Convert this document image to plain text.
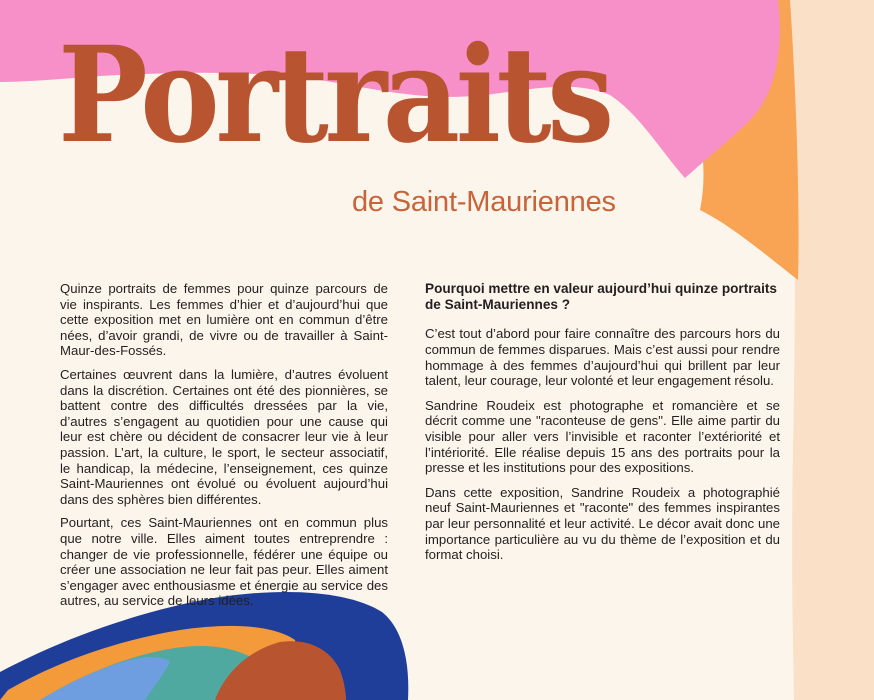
Portraits
de Saint-Mauriennes

Quinze portraits de femmes pour quinze parcours de vie inspirants. Les femmes d’hier et d’aujourd’hui que cette exposition met en lumière ont en commun d’être nées, d’avoir grandi, de vivre ou de travailler à Saint-Maur-des-Fossés.

Certaines œuvrent dans la lumière, d’autres évoluent dans la discrétion. Certaines ont été des pionnières, se battent contre des difficultés dressées par la vie, d’autres s’engagent au quotidien pour une cause qui leur est chère ou décident de consacrer leur vie à leur passion. L’art, la culture, le sport, le secteur associatif, le handicap, la médecine, l’enseignement, ces quinze Saint-Mauriennes ont évolué ou évoluent aujourd’hui dans des sphères bien différentes.

Pourtant, ces Saint-Mauriennes ont en commun plus que notre ville. Elles aiment toutes entreprendre : changer de vie professionnelle, fédérer une équipe ou créer une association ne leur fait pas peur. Elles aiment s’engager avec enthousiasme et énergie au service des autres, au service de leurs idées.

Pourquoi mettre en valeur aujourd’hui quinze portraits de Saint-Mauriennes ?

C’est tout d’abord pour faire connaître des parcours hors du commun de femmes disparues. Mais c’est aussi pour rendre hommage à des femmes d’aujourd’hui qui brillent par leur talent, leur courage, leur volonté et leur engagement résolu.

Sandrine Roudeix est photographe et romancière et se décrit comme une "raconteuse de gens". Elle aime partir du visible pour aller vers l’invisible et raconter l’extériorité et l’intériorité. Elle réalise depuis 15 ans des portraits pour la presse et les institutions pour des expositions.

Dans cette exposition, Sandrine Roudeix a photographié neuf Saint-Mauriennes et "raconte" des femmes inspirantes par leur personnalité et leur activité. Le décor avait donc une importance particulière au vu du thème de l’exposition et du format choisi.
